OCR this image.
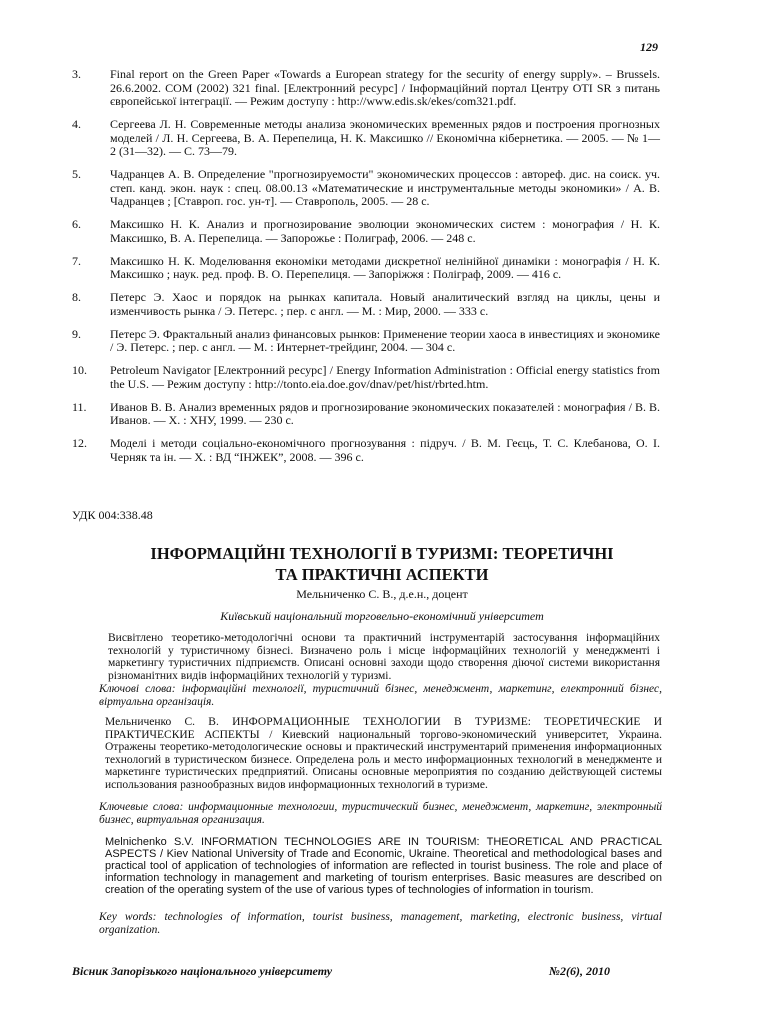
129
3.	Final report on the Green Paper «Towards a European strategy for the security of energy supply». – Brussels. 26.6.2002. COM (2002) 321 final. [Електронний ресурс] / Інформаційний портал Центру ОТІ SR з питань європейської інтеграції. — Режим доступу : http://www.edis.sk/ekes/com321.pdf.
4.	Сергеева Л. Н. Современные методы анализа экономических временных рядов и построения прогнозных моделей / Л. Н. Сергеева, В. А. Перепелица, Н. К. Максишко // Економічна кібернетика. — 2005. — № 1—2 (31—32). — С. 73—79.
5.	Чадранцев А. В. Определение "прогнозируемости" экономических процессов : автореф. дис. на соиск. уч. степ. канд. экон. наук : спец. 08.00.13 «Математические и инструментальные методы экономики» / А. В. Чадранцев ; [Ставроп. гос. ун-т]. — Ставрополь, 2005. — 28 с.
6.	Максишко Н. К. Анализ и прогнозирование эволюции экономических систем : монография / Н. К. Максишко, В. А. Перепелица. — Запорожье : Полиграф, 2006. — 248 с.
7.	Максишко Н. К. Моделювання економіки методами дискретної нелінійної динаміки : монографія / Н. К. Максишко ; наук. ред. проф. В. О. Перепелиця. — Запоріжжя : Поліграф, 2009. — 416 с.
8.	Петерс Э. Хаос и порядок на рынках капитала. Новый аналитический взгляд на циклы, цены и изменчивость рынка / Э. Петерс. ; пер. с англ. — М. : Мир, 2000. — 333 с.
9.	Петерс Э. Фрактальный анализ финансовых рынков: Применение теории хаоса в инвестициях и экономике / Э. Петерс. ; пер. с англ. — М. : Интернет-трейдинг, 2004. — 304 с.
10.	Petroleum Navigator [Електронний ресурс] / Energy Information Administration : Official energy statistics from the U.S. — Режим доступу : http://tonto.eia.doe.gov/dnav/pet/hist/rbrted.htm.
11.	Иванов В. В. Анализ временных рядов и прогнозирование экономических показателей : монография / В. В. Иванов. — Х. : ХНУ, 1999. — 230 с.
12.	Моделі і методи соціально-економічного прогнозування : підруч. / В. М. Геєць, Т. С. Клебанова, О. І. Черняк та ін. — Х. : ВД “ІНЖЕК”, 2008. — 396 с.
УДК 004:338.48
ІНФОРМАЦІЙНІ ТЕХНОЛОГІЇ В ТУРИЗМІ: ТЕОРЕТИЧНІ
ТА ПРАКТИЧНІ АСПЕКТИ
Мельниченко С. В., д.е.н., доцент
Київський національний торговельно-економічний університет
Висвітлено теоретико-методологічні основи та практичний інструментарій застосування інформаційних технологій у туристичному бізнесі. Визначено роль і місце інформаційних технологій у менеджменті і маркетингу туристичних підприємств. Описані основні заходи щодо створення діючої системи використання різноманітних видів інформаційних технологій у туризмі.
Ключові слова: інформаційні технології, туристичний бізнес, менеджмент, маркетинг, електронний бізнес, віртуальна організація.
Мельниченко С. В. ИНФОРМАЦИОННЫЕ ТЕХНОЛОГИИ В ТУРИЗМЕ: ТЕОРЕТИЧЕСКИЕ И ПРАКТИЧЕСКИЕ АСПЕКТЫ / Киевский национальный торгово-экономический университет, Украина. Отражены теоретико-методологические основы и практический инструментарий применения информационных технологий в туристическом бизнесе. Определена роль и место информационных технологий в менеджменте и маркетинге туристических предприятий. Описаны основные мероприятия по созданию действующей системы использования разнообразных видов информационных технологий в туризме.
Ключевые слова: информационные технологии, туристический бизнес, менеджмент, маркетинг, электронный бизнес, виртуальная организация.
Melnichenko S.V. INFORMATION TECHNOLOGIES ARE IN TOURISM: THEORETICAL AND PRACTICAL ASPECTS / Kiev National University of Trade and Economic, Ukraine. Theoretical and methodological bases and practical tool of application of technologies of information are reflected in tourist business. The role and place of information technology in management and marketing of tourism enterprises. Basic measures are described on creation of the operating system of the use of various types of technologies of information in tourism.
Key words: technologies of information, tourist business, management, marketing, electronic business, virtual organization.
Вісник Запорізького національного університету	№2(6), 2010
